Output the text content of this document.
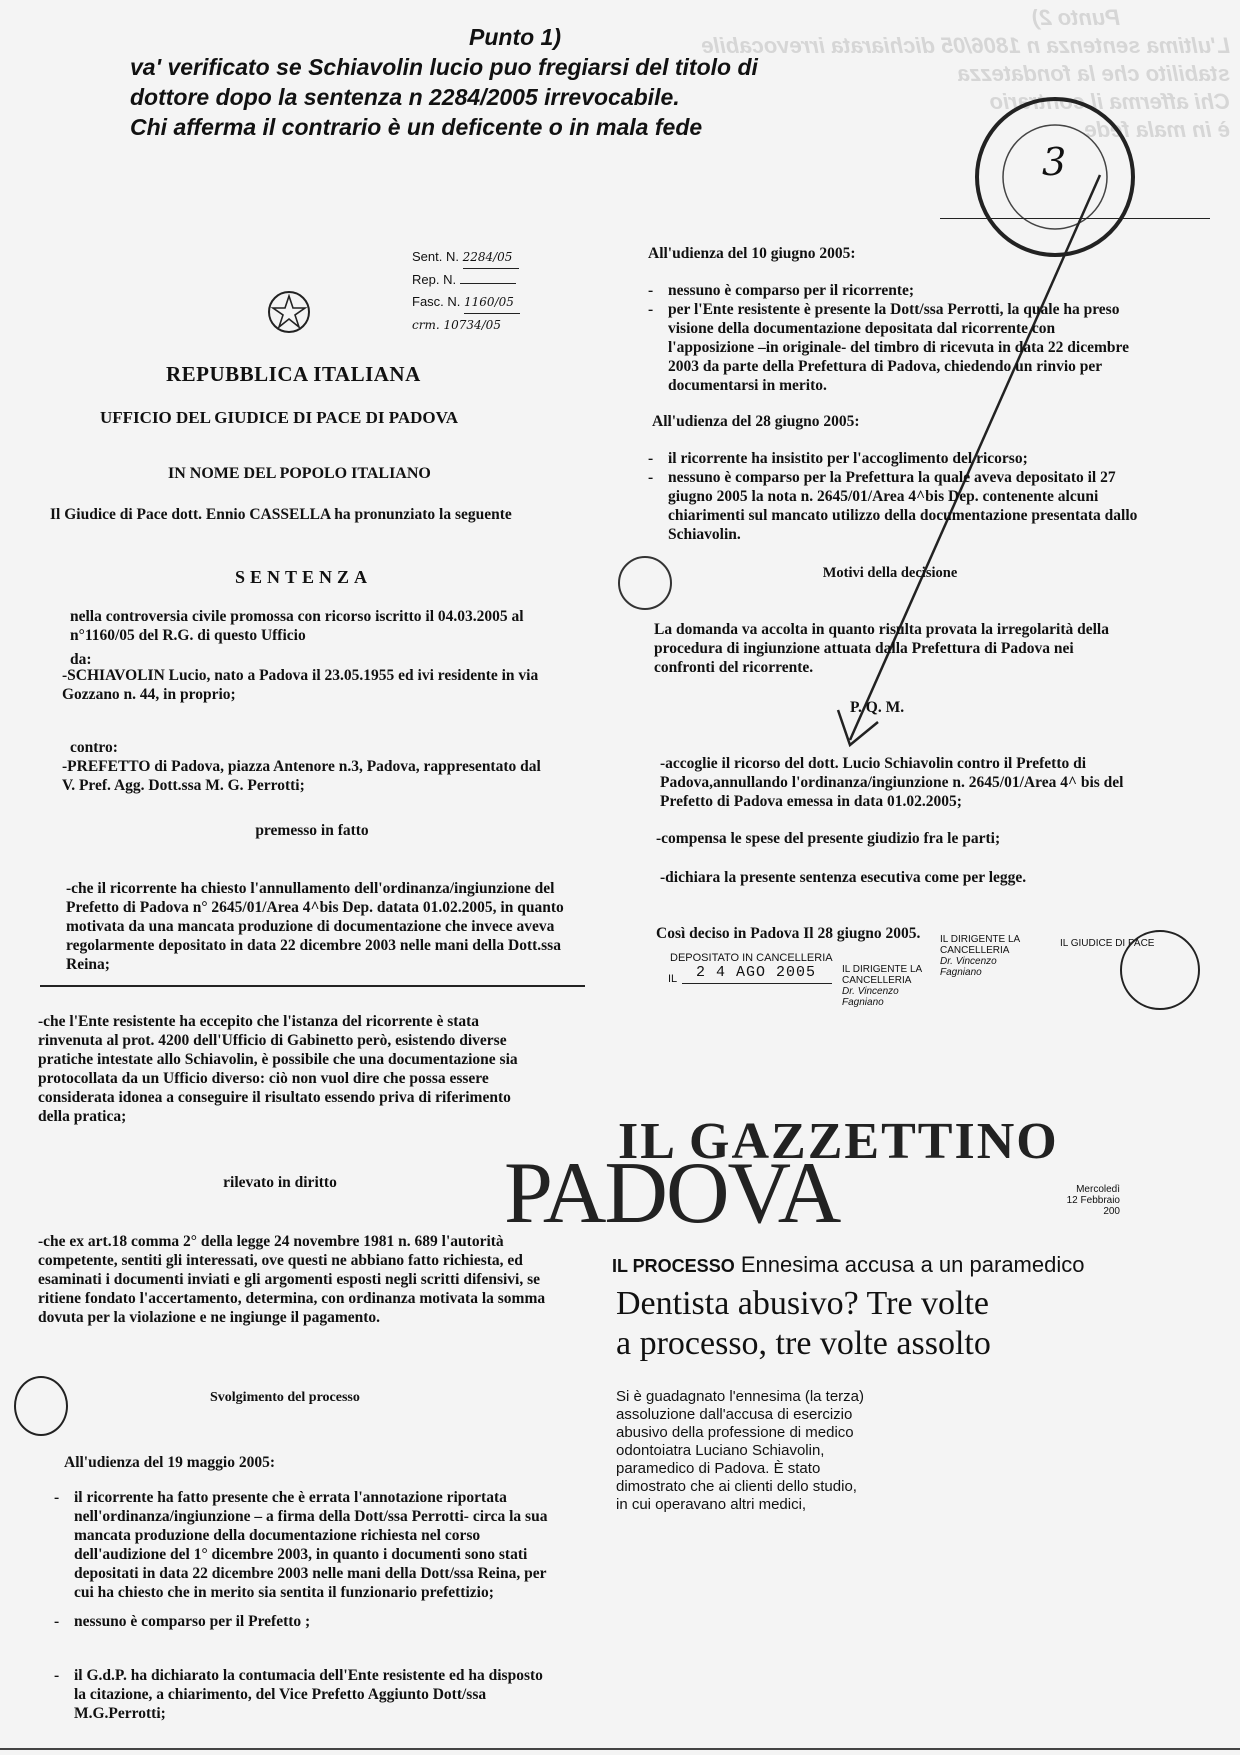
Punto 2)
L'ultima sentenza n 1806/05 dichiarata irrevocabile
stabilito che la fondatezza
Chi afferma il contrario
è in mala fede
Punto 1)
va' verificato se Schiavolin lucio puo fregiarsi del titolo di
dottore dopo la sentenza n 2284/2005 irrevocabile.
Chi afferma il contrario è un deficente o in mala fede
3
Sent. N. 2284/05
Rep. N.
Fasc. N. 1160/05
crm. 10734/05
REPUBBLICA ITALIANA
UFFICIO DEL GIUDICE DI PACE DI PADOVA
IN NOME DEL POPOLO ITALIANO
Il Giudice di Pace dott. Ennio CASSELLA ha pronunziato la seguente
SENTENZA
nella controversia civile promossa con ricorso iscritto il 04.03.2005 al n°1160/05 del R.G. di questo Ufficio
da:
-SCHIAVOLIN Lucio, nato a Padova il 23.05.1955 ed ivi residente in via Gozzano n. 44, in proprio;
contro:
-PREFETTO di Padova, piazza Antenore n.3, Padova, rappresentato dal V. Pref. Agg. Dott.ssa M. G. Perrotti;
premesso in fatto
-che il ricorrente ha chiesto l'annullamento dell'ordinanza/ingiunzione del Prefetto di Padova n° 2645/01/Area 4^bis Dep. datata 01.02.2005, in quanto motivata da una mancata produzione di documentazione che invece aveva regolarmente depositato in data 22 dicembre 2003 nelle mani della Dott.ssa Reina;
-che l'Ente resistente ha eccepito che l'istanza del ricorrente è stata rinvenuta al prot. 4200 dell'Ufficio di Gabinetto però, esistendo diverse pratiche intestate allo Schiavolin, è possibile che una documentazione sia protocollata da un Ufficio diverso: ciò non vuol dire che possa essere considerata idonea a conseguire il risultato essendo priva di riferimento della pratica;
rilevato in diritto
-che ex art.18 comma 2° della legge 24 novembre 1981 n. 689 l'autorità competente, sentiti gli interessati, ove questi ne abbiano fatto richiesta, ed esaminati i documenti inviati e gli argomenti esposti negli scritti difensivi, se ritiene fondato l'accertamento, determina, con ordinanza motivata la somma dovuta per la violazione e ne ingiunge il pagamento.
Svolgimento del processo
All'udienza del 19 maggio 2005:
- il ricorrente ha fatto presente che è errata l'annotazione riportata nell'ordinanza/ingiunzione – a firma della Dott/ssa Perrotti- circa la sua mancata produzione della documentazione richiesta nel corso dell'audizione del 1° dicembre 2003, in quanto i documenti sono stati depositati in data 22 dicembre 2003 nelle mani della Dott/ssa Reina, per cui ha chiesto che in merito sia sentita il funzionario prefettizio;
- nessuno è comparso per il Prefetto ;
- il G.d.P. ha dichiarato la contumacia dell'Ente resistente ed ha disposto la citazione, a chiarimento, del Vice Prefetto Aggiunto Dott/ssa M.G.Perrotti;
All'udienza del 10 giugno 2005:
- nessuno è comparso per il ricorrente;
- per l'Ente resistente è presente la Dott/ssa Perrotti, la quale ha preso visione della documentazione depositata dal ricorrente con l'apposizione –in originale- del timbro di ricevuta in data 22 dicembre 2003 da parte della Prefettura di Padova, chiedendo un rinvio per documentarsi in merito.
All'udienza del 28 giugno 2005:
- il ricorrente ha insistito per l'accoglimento del ricorso;
- nessuno è comparso per la Prefettura la quale aveva depositato il 27 giugno 2005 la nota n. 2645/01/Area 4^bis Dep. contenente alcuni chiarimenti sul mancato utilizzo della documentazione presentata dallo Schiavolin.
Motivi della decisione
La domanda va accolta in quanto risulta provata la irregolarità della procedura di ingiunzione attuata dalla Prefettura di Padova nei confronti del ricorrente.
P. Q. M.
-accoglie il ricorso del dott. Lucio Schiavolin contro il Prefetto di Padova,annullando l'ordinanza/ingiunzione n. 2645/01/Area 4^ bis del Prefetto di Padova emessa in data 01.02.2005;
-compensa le spese del presente giudizio fra le parti;
-dichiara la presente sentenza esecutiva come per legge.
Così deciso in Padova Il 28 giugno 2005. IL DIRIGENTE LA CANCELLERIA
Dr. Vincenzo Fagniano
IL GIUDICE DI PACE
DEPOSITATO IN CANCELLERIA
IL 2 4 AGO 2005	IL DIRIGENTE LA CANCELLERIA
Dr. Vincenzo Fagniano
IL GAZZETTINO
Mercoledì 12 Febbraio 200
PADOVA
IL PROCESSO Ennesima accusa a un paramedico
Dentista abusivo? Tre volte
a processo, tre volte assolto
Si è guadagnato l'ennesima (la terza) assoluzione dall'accusa di esercizio abusivo della professione di medico odontoiatra Luciano Schiavolin, paramedico di Padova. È stato dimostrato che ai clienti dello studio, in cui operavano altri medici,
